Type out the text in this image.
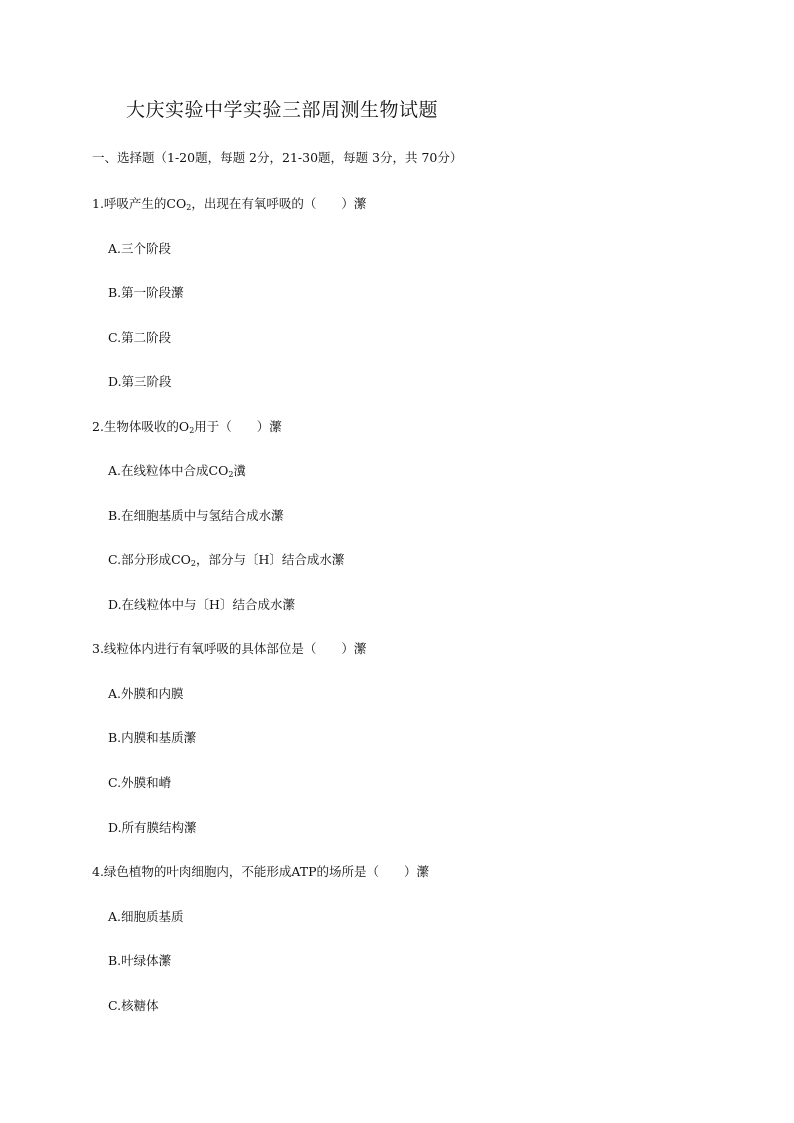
大庆实验中学实验三部周测生物试题
一、选择题（1-20题，每题 2分，21-30题，每题 3分，共 70分）
1.呼吸产生的$CO_2$，出现在有氧呼吸的（　　）瀿
A.三个阶段
B.第一阶段瀿
C.第二阶段
D.第三阶段
2.生物体吸收的$O_2$用于（　　）瀿
A.在线粒体中合成$CO_2$瀵
B.在细胞基质中与氢结合成水瀿
C.部分形成$CO_2$，部分与〔H〕结合成水瀿
D.在线粒体中与〔H〕结合成水瀿
3.线粒体内进行有氧呼吸的具体部位是（　　）瀿
A.外膜和内膜
B.内膜和基质瀿
C.外膜和嵴
D.所有膜结构瀿
4.绿色植物的叶肉细胞内，不能形成ATP的场所是（　　）瀿
A.细胞质基质
B.叶绿体瀿
C.核糖体
